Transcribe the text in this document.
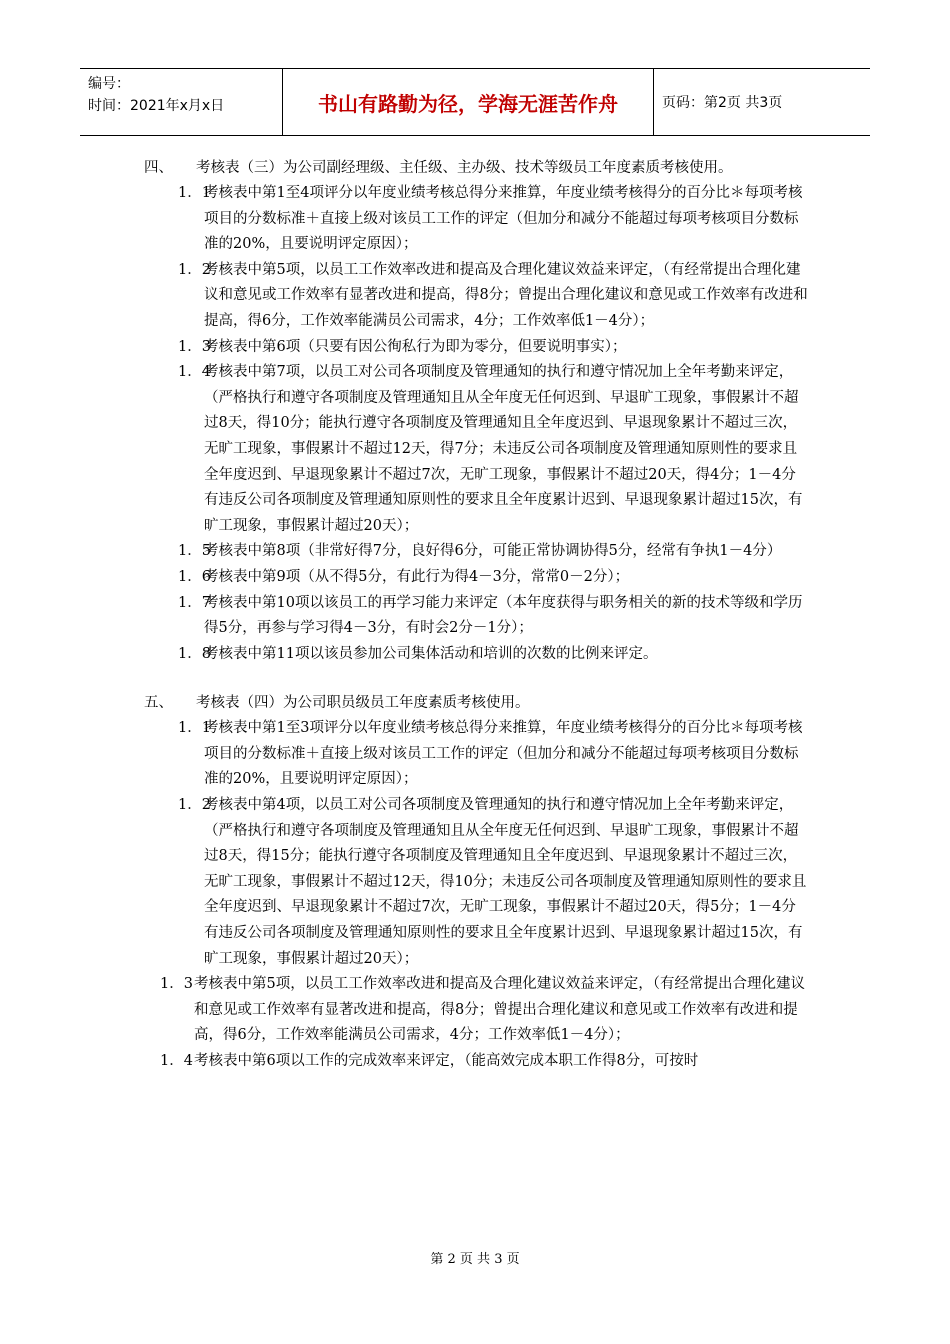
编号：
时间：2021年x月x日	书山有路勤为径，学海无涯苦作舟	页码：第2页 共3页
四、 考核表（三）为公司副经理级、主任级、主办级、技术等级员工年度素质考核使用。
1．1
考核表中第1至4项评分以年度业绩考核总得分来推算，年度业绩考核得分的百分比＊每项考核项目的分数标准＋直接上级对该员工工作的评定（但加分和减分不能超过每项考核项目分数标准的20%，且要说明评定原因）；
1．2
考核表中第5项，以员工工作效率改进和提高及合理化建议效益来评定，（有经常提出合理化建议和意见或工作效率有显著改进和提高，得8分；曾提出合理化建议和意见或工作效率有改进和提高，得6分，工作效率能满员公司需求，4分；工作效率低1－4分）；
1．3
考核表中第6项（只要有因公徇私行为即为零分，但要说明事实）；
1．4
考核表中第7项，以员工对公司各项制度及管理通知的执行和遵守情况加上全年考勤来评定，（严格执行和遵守各项制度及管理通知且从全年度无任何迟到、早退旷工现象，事假累计不超过8天，得10分；能执行遵守各项制度及管理通知且全年度迟到、早退现象累计不超过三次，无旷工现象，事假累计不超过12天，得7分；未违反公司各项制度及管理通知原则性的要求且全年度迟到、早退现象累计不超过7次，无旷工现象，事假累计不超过20天，得4分；1－4分有违反公司各项制度及管理通知原则性的要求且全年度累计迟到、早退现象累计超过15次，有旷工现象，事假累计超过20天）；
1．5
考核表中第8项（非常好得7分，良好得6分，可能正常协调协得5分，经常有争执1－4分）
1．6
考核表中第9项（从不得5分，有此行为得4－3分，常常0－2分）；
1．7
考核表中第10项以该员工的再学习能力来评定（本年度获得与职务相关的新的技术等级和学历得5分，再参与学习得4－3分，有时会2分－1分）；
1．8
考核表中第11项以该员参加公司集体活动和培训的次数的比例来评定。
五、 考核表（四）为公司职员级员工年度素质考核使用。
1．1
考核表中第1至3项评分以年度业绩考核总得分来推算，年度业绩考核得分的百分比＊每项考核项目的分数标准＋直接上级对该员工工作的评定（但加分和减分不能超过每项考核项目分数标准的20%，且要说明评定原因）；
1．2
考核表中第4项，以员工对公司各项制度及管理通知的执行和遵守情况加上全年考勤来评定，（严格执行和遵守各项制度及管理通知且从全年度无任何迟到、早退旷工现象，事假累计不超过8天，得15分；能执行遵守各项制度及管理通知且全年度迟到、早退现象累计不超过三次，无旷工现象，事假累计不超过12天，得10分；未违反公司各项制度及管理通知原则性的要求且全年度迟到、早退现象累计不超过7次，无旷工现象，事假累计不超过20天，得5分；1－4分有违反公司各项制度及管理通知原则性的要求且全年度累计迟到、早退现象累计超过15次，有旷工现象，事假累计超过20天）；
1．3 考核表中第5项，以员工工作效率改进和提高及合理化建议效益来评定，（有经常提出合理化建议和意见或工作效率有显著改进和提高，得8分；曾提出合理化建议和意见或工作效率有改进和提高，得6分，工作效率能满员公司需求，4分；工作效率低1－4分）；
1．4 考核表中第6项以工作的完成效率来评定，（能高效完成本职工作得8分，可按时
第 2 页 共 3 页
